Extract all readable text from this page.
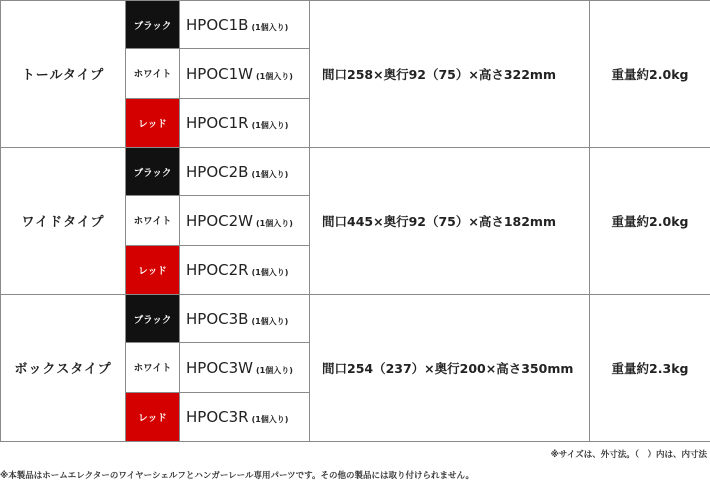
トールタイプ	ブラック	HPOC1B (1個入り)	間口258×奥行92（75）×高さ322mm	重量約2.0kg
	ホワイト	HPOC1W (1個入り)		
	レッド	HPOC1R (1個入り)		
ワイドタイプ	ブラック	HPOC2B (1個入り)	間口445×奥行92（75）×高さ182mm	重量約2.0kg
	ホワイト	HPOC2W (1個入り)		
	レッド	HPOC2R (1個入り)		
ボックスタイプ	ブラック	HPOC3B (1個入り)	間口254（237）×奥行200×高さ350mm	重量約2.3kg
	ホワイト	HPOC3W (1個入り)		
	レッド	HPOC3R (1個入り)		
※サイズは、外寸法。（　）内は、内寸法
※本製品はホームエレクターのワイヤーシェルフとハンガーレール専用パーツです。その他の製品には取り付けられません。
